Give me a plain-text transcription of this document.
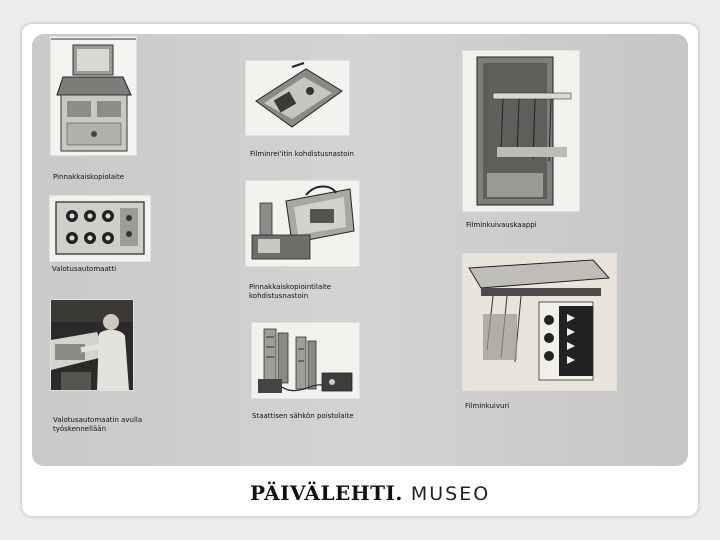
Pinnakkaiskopiolaite
Filminrei'itin kohdistusnastoin
Filminkuivauskaappi
Valotusautomaatti
Pinnakkaiskopiointilaite
kohdistusnastoin
Filminkuivuri
Valotusautomaatin avulla
työskennellään
Staattisen sähkön poistolaite
PÄIVÄLEHTI. MUSEO
